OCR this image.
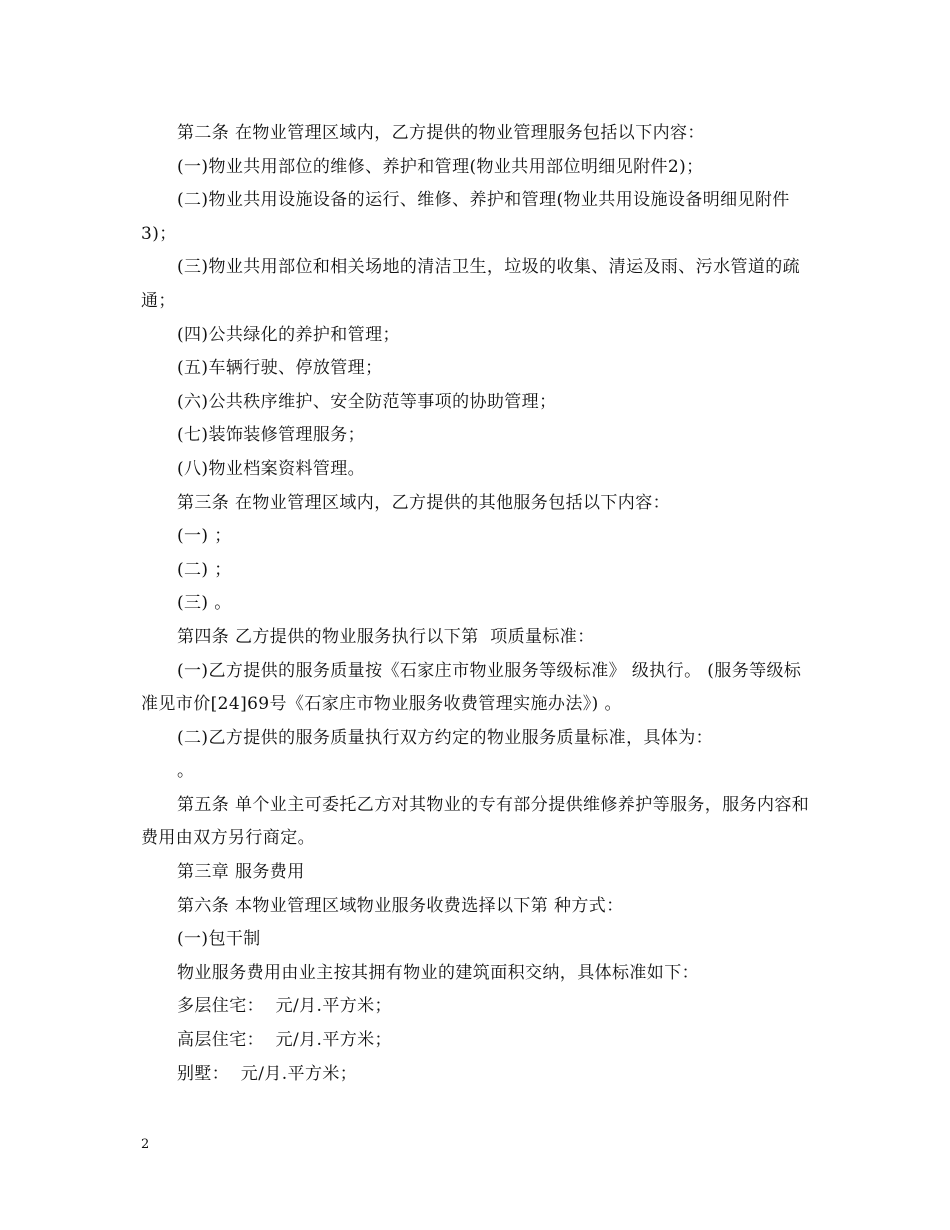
第二条 在物业管理区域内，乙方提供的物业管理服务包括以下内容：

(一)物业共用部位的维修、养护和管理(物业共用部位明细见附件2)；

(二)物业共用设施设备的运行、维修、养护和管理(物业共用设施设备明细见附件3)；

(三)物业共用部位和相关场地的清洁卫生，垃圾的收集、清运及雨、污水管道的疏通；

(四)公共绿化的养护和管理；

(五)车辆行驶、停放管理；

(六)公共秩序维护、安全防范等事项的协助管理；

(七)装饰装修管理服务；

(八)物业档案资料管理。

第三条 在物业管理区域内，乙方提供的其他服务包括以下内容：

(一) ；

(二) ；

(三) 。

第四条 乙方提供的物业服务执行以下第  项质量标准：

(一)乙方提供的服务质量按《石家庄市物业服务等级标准》 级执行。 (服务等级标准见市价[24]69号《石家庄市物业服务收费管理实施办法》) 。

(二)乙方提供的服务质量执行双方约定的物业服务质量标准，具体为：

。

第五条 单个业主可委托乙方对其物业的专有部分提供维修养护等服务，服务内容和费用由双方另行商定。

第三章 服务费用

第六条 本物业管理区域物业服务收费选择以下第 种方式：

(一)包干制

物业服务费用由业主按其拥有物业的建筑面积交纳，具体标准如下：

多层住宅：  元/月.平方米；

高层住宅：  元/月.平方米；

别墅：  元/月.平方米；

2
